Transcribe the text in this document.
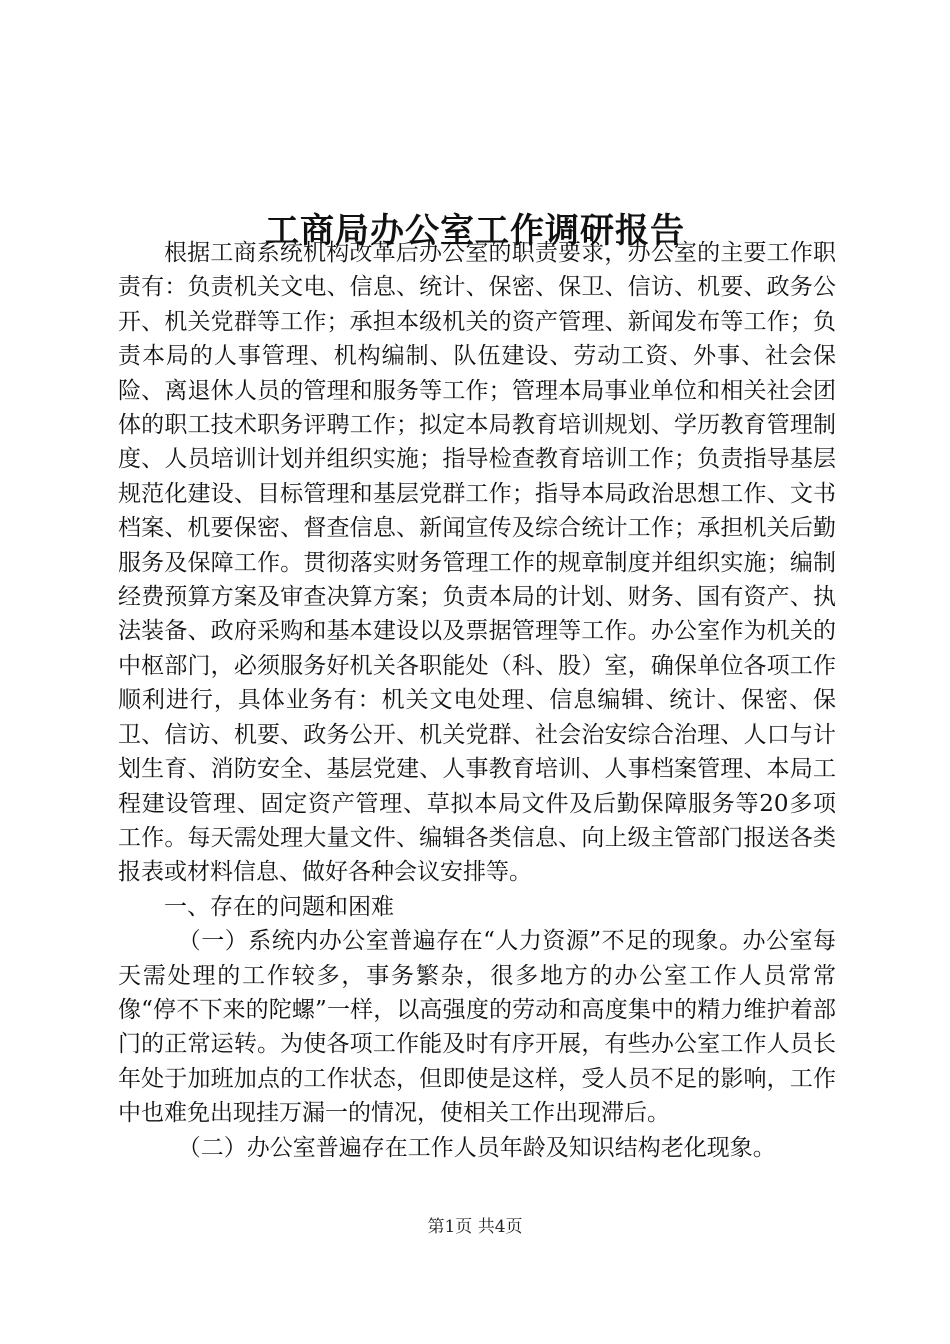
工商局办公室工作调研报告

根据工商系统机构改革后办公室的职责要求，办公室的主要工作职责有：负责机关文电、信息、统计、保密、保卫、信访、机要、政务公开、机关党群等工作；承担本级机关的资产管理、新闻发布等工作；负责本局的人事管理、机构编制、队伍建设、劳动工资、外事、社会保险、离退休人员的管理和服务等工作；管理本局事业单位和相关社会团体的职工技术职务评聘工作；拟定本局教育培训规划、学历教育管理制度、人员培训计划并组织实施；指导检查教育培训工作；负责指导基层规范化建设、目标管理和基层党群工作；指导本局政治思想工作、文书档案、机要保密、督查信息、新闻宣传及综合统计工作；承担机关后勤服务及保障工作。贯彻落实财务管理工作的规章制度并组织实施；编制经费预算方案及审查决算方案；负责本局的计划、财务、国有资产、执法装备、政府采购和基本建设以及票据管理等工作。办公室作为机关的中枢部门，必须服务好机关各职能处（科、股）室，确保单位各项工作顺利进行，具体业务有：机关文电处理、信息编辑、统计、保密、保卫、信访、机要、政务公开、机关党群、社会治安综合治理、人口与计划生育、消防安全、基层党建、人事教育培训、人事档案管理、本局工程建设管理、固定资产管理、草拟本局文件及后勤保障服务等20多项工作。每天需处理大量文件、编辑各类信息、向上级主管部门报送各类报表或材料信息、做好各种会议安排等。

一、存在的问题和困难

（一）系统内办公室普遍存在“人力资源”不足的现象。办公室每天需处理的工作较多，事务繁杂，很多地方的办公室工作人员常常像“停不下来的陀螺”一样，以高强度的劳动和高度集中的精力维护着部门的正常运转。为使各项工作能及时有序开展，有些办公室工作人员长年处于加班加点的工作状态，但即使是这样，受人员不足的影响，工作中也难免出现挂万漏一的情况，使相关工作出现滞后。

（二）办公室普遍存在工作人员年龄及知识结构老化现象。

第1页 共4页
